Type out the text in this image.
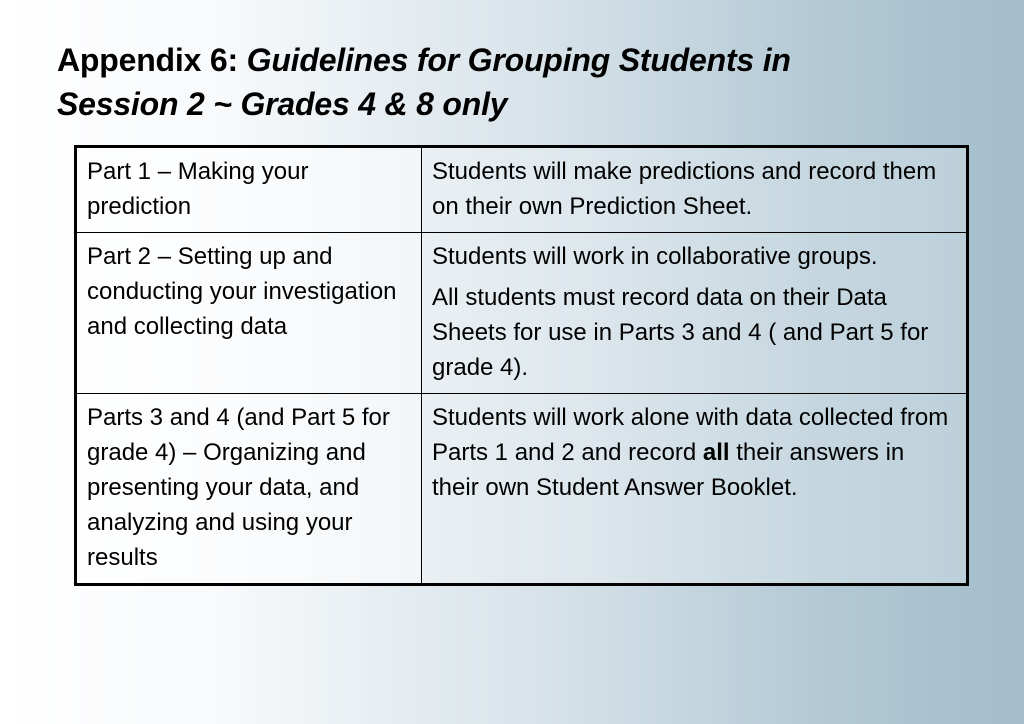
Appendix 6: Guidelines for Grouping Students in
Session 2 ~ Grades 4 & 8 only

Part 1 – Making your prediction	Students will make predictions and record them on their own Prediction Sheet.

Part 2 – Setting up and conducting your investigation and collecting data	Students will work in collaborative groups.

All students must record data on their Data Sheets for use in Parts 3 and 4 ( and Part 5 for grade 4).

Parts 3 and 4 (and Part 5 for grade 4) – Organizing and presenting your data, and analyzing and using your results	Students will work alone with data collected from Parts 1 and 2 and record all their answers in their own Student Answer Booklet.
